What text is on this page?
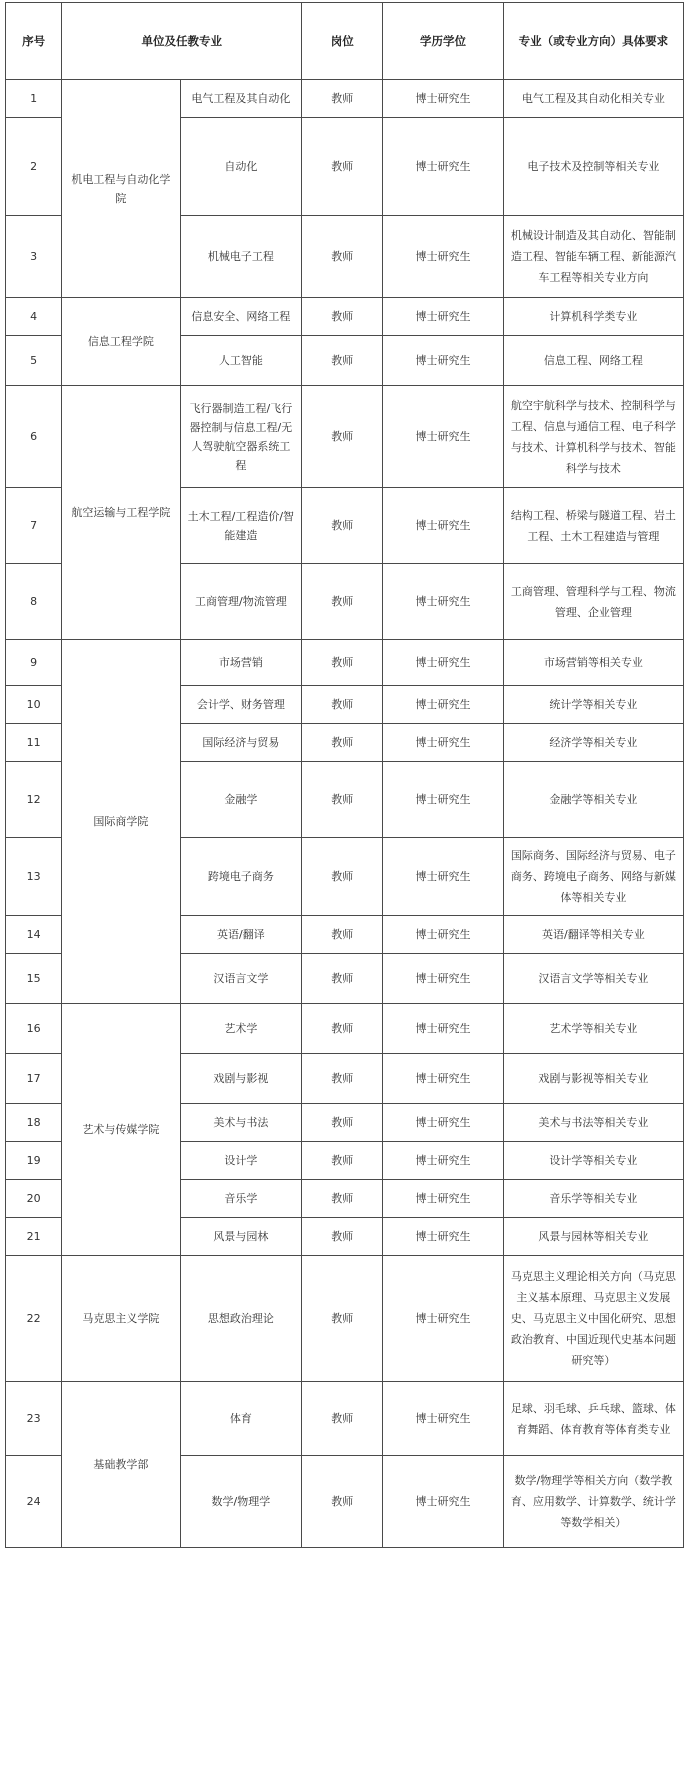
序号	单位及任教专业		岗位	学历学位	专业（或专业方向）具体要求
1	机电工程与自动化学院	电气工程及其自动化	教师	博士研究生	电气工程及其自动化相关专业
2		自动化	教师	博士研究生	电子技术及控制等相关专业
3		机械电子工程	教师	博士研究生	机械设计制造及其自动化、智能制造工程、智能车辆工程、新能源汽车工程等相关专业方向
4	信息工程学院	信息安全、网络工程	教师	博士研究生	计算机科学类专业
5		人工智能	教师	博士研究生	信息工程、网络工程
6	航空运输与工程学院	飞行器制造工程/飞行器控制与信息工程/无人驾驶航空器系统工程	教师	博士研究生	航空宇航科学与技术、控制科学与工程、信息与通信工程、电子科学与技术、计算机科学与技术、智能科学与技术
7		土木工程/工程造价/智能建造	教师	博士研究生	结构工程、桥梁与隧道工程、岩土工程、土木工程建造与管理
8		工商管理/物流管理	教师	博士研究生	工商管理、管理科学与工程、物流管理、企业管理
9	国际商学院	市场营销	教师	博士研究生	市场营销等相关专业
10		会计学、财务管理	教师	博士研究生	统计学等相关专业
11		国际经济与贸易	教师	博士研究生	经济学等相关专业
12		金融学	教师	博士研究生	金融学等相关专业
13		跨境电子商务	教师	博士研究生	国际商务、国际经济与贸易、电子商务、跨境电子商务、网络与新媒体等相关专业
14		英语/翻译	教师	博士研究生	英语/翻译等相关专业
15		汉语言文学	教师	博士研究生	汉语言文学等相关专业
16	艺术与传媒学院	艺术学	教师	博士研究生	艺术学等相关专业
17		戏剧与影视	教师	博士研究生	戏剧与影视等相关专业
18		美术与书法	教师	博士研究生	美术与书法等相关专业
19		设计学	教师	博士研究生	设计学等相关专业
20		音乐学	教师	博士研究生	音乐学等相关专业
21		风景与园林	教师	博士研究生	风景与园林等相关专业
22	马克思主义学院	思想政治理论	教师	博士研究生	马克思主义理论相关方向（马克思主义基本原理、马克思主义发展史、马克思主义中国化研究、思想政治教育、中国近现代史基本问题研究等）
23	基础教学部	体育	教师	博士研究生	足球、羽毛球、乒乓球、篮球、体育舞蹈、体育教育等体育类专业
24		数学/物理学	教师	博士研究生	数学/物理学等相关方向（数学教育、应用数学、计算数学、统计学等数学相关）
